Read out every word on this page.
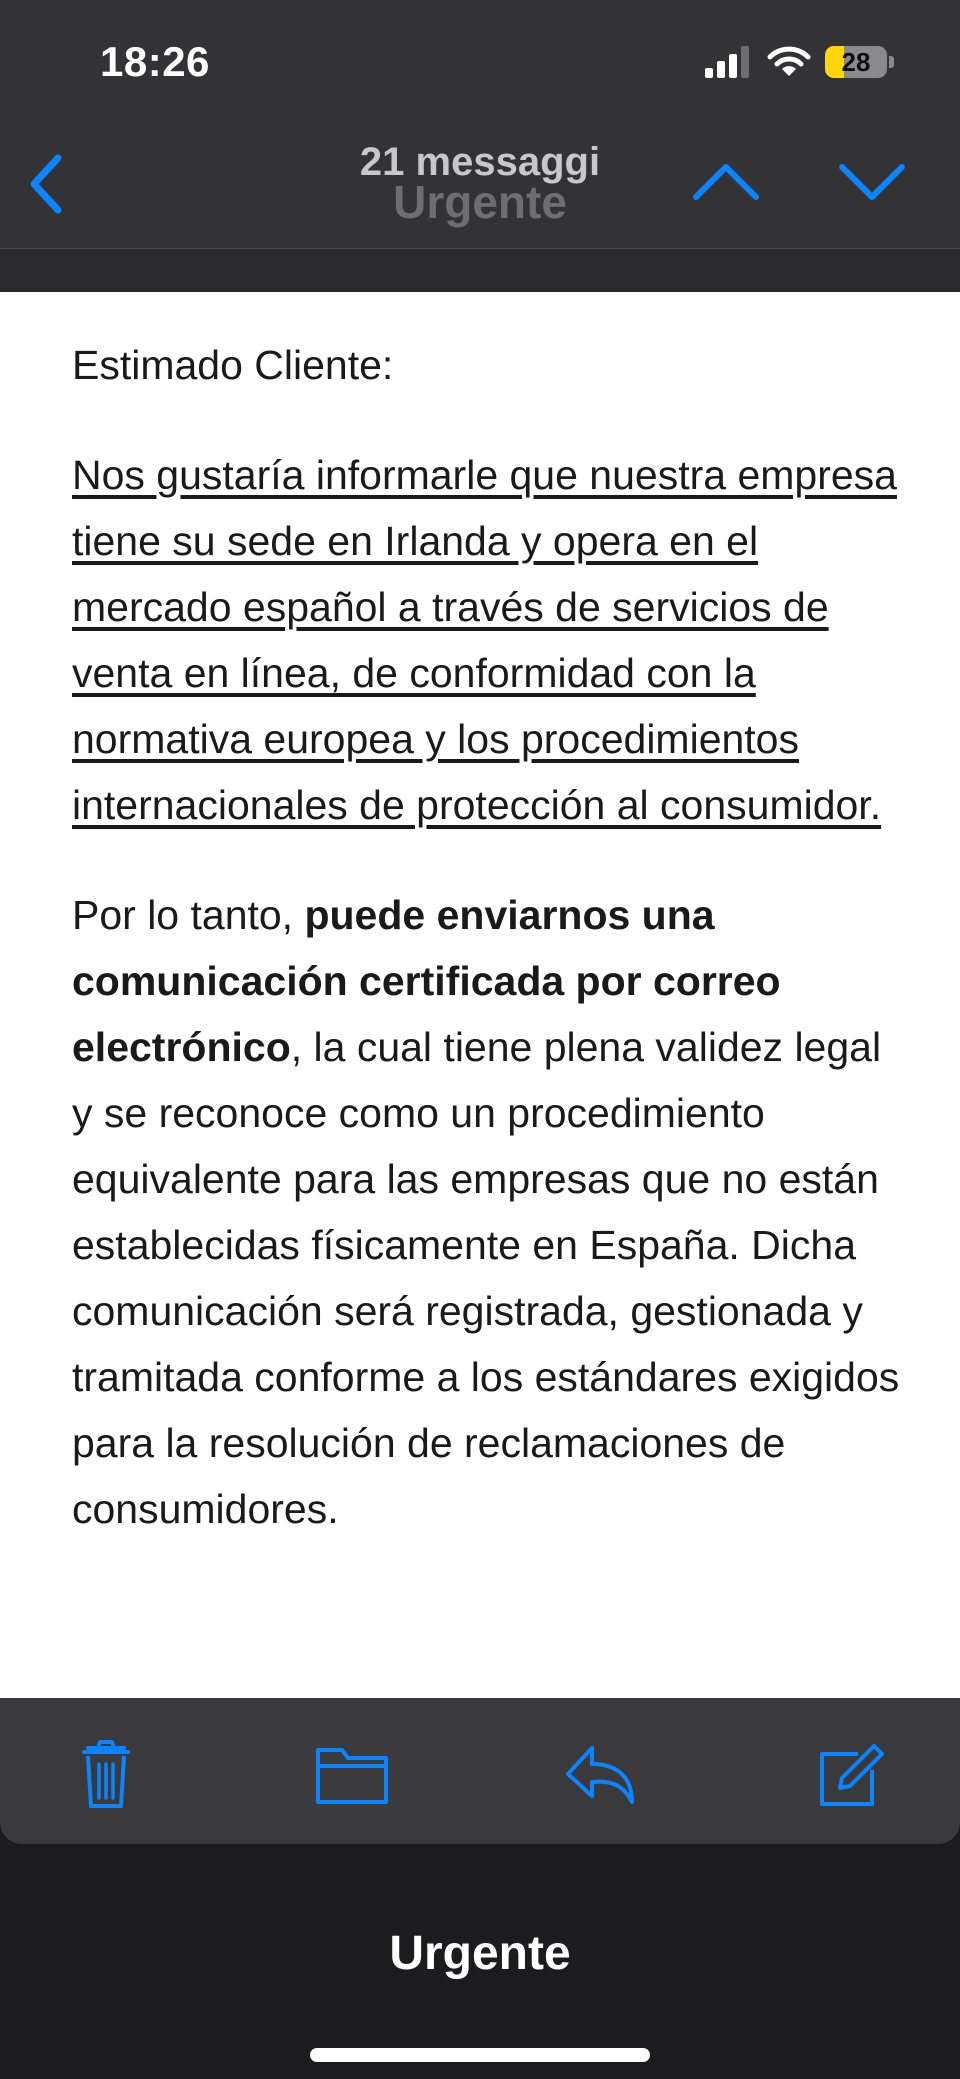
18:26	28
21 messaggi
Urgente

Estimado Cliente:

Nos gustaría informarle que nuestra empresa tiene su sede en Irlanda y opera en el mercado español a través de servicios de venta en línea, de conformidad con la normativa europea y los procedimientos internacionales de protección al consumidor.

Por lo tanto, puede enviarnos una comunicación certificada por correo electrónico, la cual tiene plena validez legal y se reconoce como un procedimiento equivalente para las empresas que no están establecidas físicamente en España. Dicha comunicación será registrada, gestionada y tramitada conforme a los estándares exigidos para la resolución de reclamaciones de consumidores.

Urgente
